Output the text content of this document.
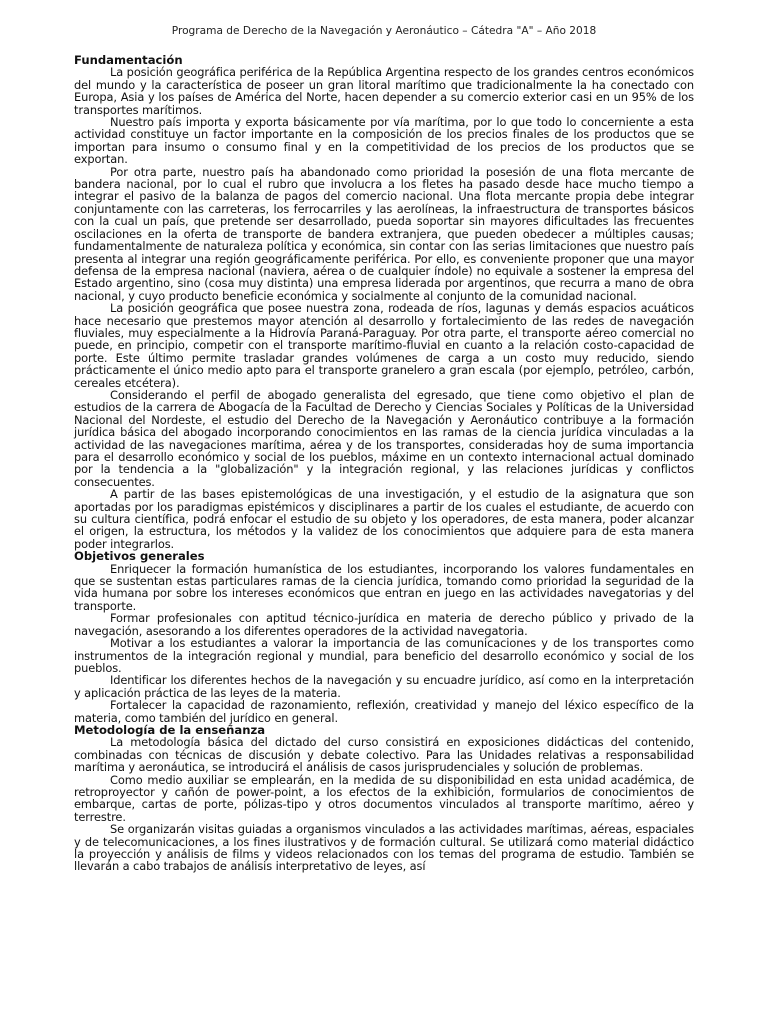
Programa de Derecho de la Navegación y Aeronáutico – Cátedra "A" – Año 2018
Fundamentación

La posición geográfica periférica de la República Argentina respecto de los grandes centros económicos del mundo y la característica de poseer un gran litoral marítimo que tradicionalmente la ha conectado con Europa, Asia y los países de América del Norte, hacen depender a su comercio exterior casi en un 95% de los transportes marítimos.

Nuestro país importa y exporta básicamente por vía marítima, por lo que todo lo concerniente a esta actividad constituye un factor importante en la composición de los precios finales de los productos que se importan para insumo o consumo final y en la competitividad de los precios de los productos que se exportan.

Por otra parte, nuestro país ha abandonado como prioridad la posesión de una flota mercante de bandera nacional, por lo cual el rubro que involucra a los fletes ha pasado desde hace mucho tiempo a integrar el pasivo de la balanza de pagos del comercio nacional. Una flota mercante propia debe integrar conjuntamente con las carreteras, los ferrocarriles y las aerolíneas, la infraestructura de transportes básicos con la cual un país, que pretende ser desarrollado, pueda soportar sin mayores dificultades las frecuentes oscilaciones en la oferta de transporte de bandera extranjera, que pueden obedecer a múltiples causas; fundamentalmente de naturaleza política y económica, sin contar con las serias limitaciones que nuestro país presenta al integrar una región geográficamente periférica. Por ello, es conveniente proponer que una mayor defensa de la empresa nacional (naviera, aérea o de cualquier índole) no equivale a sostener la empresa del Estado argentino, sino (cosa muy distinta) una empresa liderada por argentinos, que recurra a mano de obra nacional, y cuyo producto beneficie económica y socialmente al conjunto de la comunidad nacional.

La posición geográfica que posee nuestra zona, rodeada de ríos, lagunas y demás espacios acuáticos hace necesario que prestemos mayor atención al desarrollo y fortalecimiento de las redes de navegación fluviales, muy especialmente a la Hidrovía Paraná-Paraguay. Por otra parte, el transporte aéreo comercial no puede, en principio, competir con el transporte marítimo-fluvial en cuanto a la relación costo-capacidad de porte. Este último permite trasladar grandes volúmenes de carga a un costo muy reducido, siendo prácticamente el único medio apto para el transporte granelero a gran escala (por ejemplo, petróleo, carbón, cereales etcétera).

Considerando el perfil de abogado generalista del egresado, que tiene como objetivo el plan de estudios de la carrera de Abogacía de la Facultad de Derecho y Ciencias Sociales y Políticas de la Universidad Nacional del Nordeste, el estudio del Derecho de la Navegación y Aeronáutico contribuye a la formación jurídica básica del abogado incorporando conocimientos en las ramas de la ciencia jurídica vinculadas a la actividad de las navegaciones marítima, aérea y de los transportes, consideradas hoy de suma importancia para el desarrollo económico y social de los pueblos, máxime en un contexto internacional actual dominado por la tendencia a la "globalización" y la integración regional, y las relaciones jurídicas y conflictos consecuentes.

A partir de las bases epistemológicas de una investigación, y el estudio de la asignatura que son aportadas por los paradigmas epistémicos y disciplinares a partir de los cuales el estudiante, de acuerdo con su cultura científica, podrá enfocar el estudio de su objeto y los operadores, de esta manera, poder alcanzar el origen, la estructura, los métodos y la validez de los conocimientos que adquiere para de esta manera poder integrarlos.

Objetivos generales

Enriquecer la formación humanística de los estudiantes, incorporando los valores fundamentales en que se sustentan estas particulares ramas de la ciencia jurídica, tomando como prioridad la seguridad de la vida humana por sobre los intereses económicos que entran en juego en las actividades navegatorias y del transporte.

Formar profesionales con aptitud técnico-jurídica en materia de derecho público y privado de la navegación, asesorando a los diferentes operadores de la actividad navegatoria.

Motivar a los estudiantes a valorar la importancia de las comunicaciones y de los transportes como instrumentos de la integración regional y mundial, para beneficio del desarrollo económico y social de los pueblos.

Identificar los diferentes hechos de la navegación y su encuadre jurídico, así como en la interpretación y aplicación práctica de las leyes de la materia.

Fortalecer la capacidad de razonamiento, reflexión, creatividad y manejo del léxico específico de la materia, como también del jurídico en general.

Metodología de la enseñanza

La metodología básica del dictado del curso consistirá en exposiciones didácticas del contenido, combinadas con técnicas de discusión y debate colectivo. Para las Unidades relativas a responsabilidad marítima y aeronáutica, se introducirá el análisis de casos jurisprudenciales y solución de problemas.

Como medio auxiliar se emplearán, en la medida de su disponibilidad en esta unidad académica, de retroproyector y cañón de power-point, a los efectos de la exhibición, formularios de conocimientos de embarque, cartas de porte, pólizas-tipo y otros documentos vinculados al transporte marítimo, aéreo y terrestre.

Se organizarán visitas guiadas a organismos vinculados a las actividades marítimas, aéreas, espaciales y de telecomunicaciones, a los fines ilustrativos y de formación cultural. Se utilizará como material didáctico la proyección y análisis de films y videos relacionados con los temas del programa de estudio. También se llevarán a cabo trabajos de análisis interpretativo de leyes, así
